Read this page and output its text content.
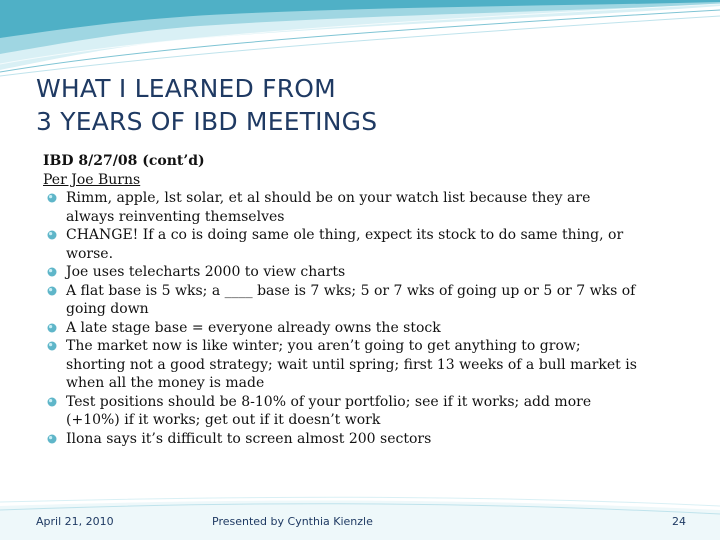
WHAT I LEARNED FROM
3 YEARS OF IBD MEETINGS
IBD 8/27/08 (cont’d)
Per Joe Burns
Rimm, apple, lst solar, et al should be on your watch list because they are
always reinventing themselves
CHANGE! If a co is doing same ole thing, expect its stock to do same thing, or
worse.
Joe uses telecharts 2000 to view charts
A flat base is 5 wks; a ____ base is 7 wks; 5 or 7 wks of going up or 5 or 7 wks of
going down
A late stage base = everyone already owns the stock
The market now is like winter; you aren’t going to get anything to grow;
shorting not a good strategy; wait until spring; first 13 weeks of a bull market is
when all the money is made
Test positions should be 8-10% of your portfolio; see if it works; add more
(+10%) if it works; get out if it doesn’t work
Ilona says it’s difficult to screen almost 200 sectors
April 21, 2010	Presented by Cynthia Kienzle	24
